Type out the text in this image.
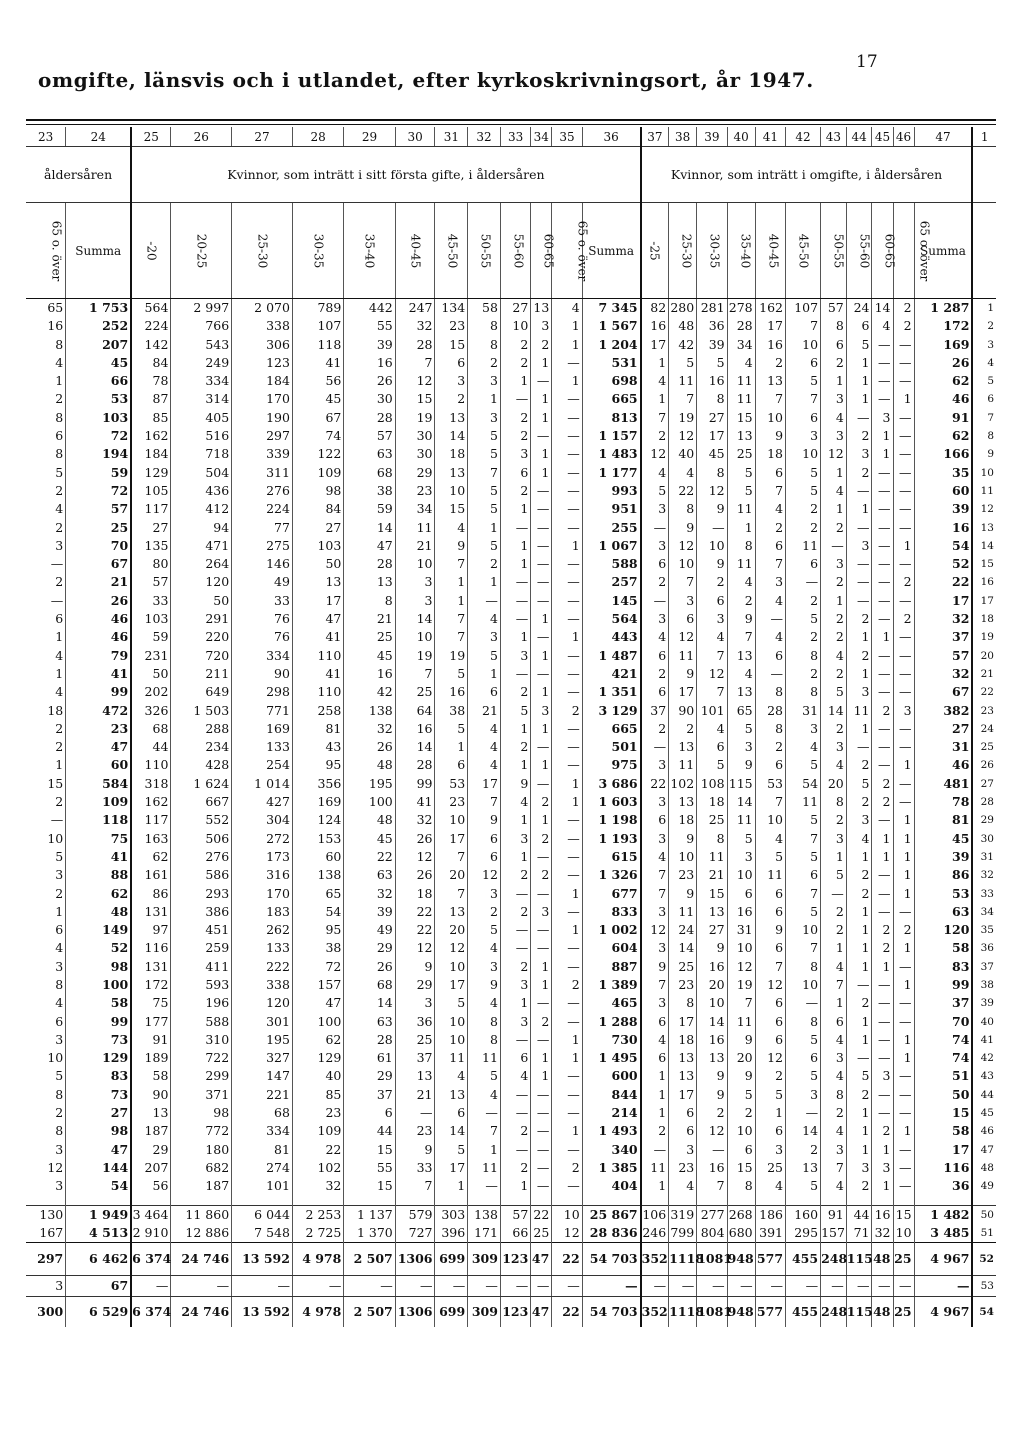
17
omgifte, länsvis och i utlandet, efter kyrkoskrivningsort, år 1947.
23	24	25	26	27	28	29	30	31	32	33	34	35	36	37	38	39	40	41	42	43	44	45	46	47	1
åldersåren		Kvinnor, som inträtt i sitt första gifte, i åldersåren												Kvinnor, som inträtt i omgifte, i åldersåren											
65 o. över	Summa	-20	20-25	25-30	30-35	35-40	40-45	45-50	50-55	55-60	60-65	65 o. över	Summa	-25	25-30	30-35	35-40	40-45	45-50	50-55	55-60	60-65	65 o. över	Summa	
65	1 753	564	2 997	2 070	789	442	247	134	58	27	13	4	7 345	82	280	281	278	162	107	57	24	14	2	1 287	1
16	252	224	766	338	107	55	32	23	8	10	3	1	1 567	16	48	36	28	17	7	8	6	4	2	172	2
8	207	142	543	306	118	39	28	15	8	2	2	1	1 204	17	42	39	34	16	10	6	5	—	—	169	3
4	45	84	249	123	41	16	7	6	2	2	1	—	531	1	5	5	4	2	6	2	1	—	—	26	4
1	66	78	334	184	56	26	12	3	3	1	—	1	698	4	11	16	11	13	5	1	1	—	—	62	5
2	53	87	314	170	45	30	15	2	1	—	1	—	665	1	7	8	11	7	7	3	1	—	1	46	6
8	103	85	405	190	67	28	19	13	3	2	1	—	813	7	19	27	15	10	6	4	—	3	—	91	7
6	72	162	516	297	74	57	30	14	5	2	—	—	1 157	2	12	17	13	9	3	3	2	1	—	62	8
8	194	184	718	339	122	63	30	18	5	3	1	—	1 483	12	40	45	25	18	10	12	3	1	—	166	9
5	59	129	504	311	109	68	29	13	7	6	1	—	1 177	4	4	8	5	6	5	1	2	—	—	35	10
2	72	105	436	276	98	38	23	10	5	2	—	—	993	5	22	12	5	7	5	4	—	—	—	60	11
4	57	117	412	224	84	59	34	15	5	1	—	—	951	3	8	9	11	4	2	1	1	—	—	39	12
2	25	27	94	77	27	14	11	4	1	—	—	—	255	—	9	—	1	2	2	2	—	—	—	16	13
3	70	135	471	275	103	47	21	9	5	1	—	1	1 067	3	12	10	8	6	11	—	3	—	1	54	14
—	67	80	264	146	50	28	10	7	2	1	—	—	588	6	10	9	11	7	6	3	—	—	—	52	15
2	21	57	120	49	13	13	3	1	1	—	—	—	257	2	7	2	4	3	—	2	—	—	2	22	16
—	26	33	50	33	17	8	3	1	—	—	—	—	145	—	3	6	2	4	2	1	—	—	—	17	17
6	46	103	291	76	47	21	14	7	4	—	1	—	564	3	6	3	9	—	5	2	2	—	2	32	18
1	46	59	220	76	41	25	10	7	3	1	—	1	443	4	12	4	7	4	2	2	1	1	—	37	19
4	79	231	720	334	110	45	19	19	5	3	1	—	1 487	6	11	7	13	6	8	4	2	—	—	57	20
1	41	50	211	90	41	16	7	5	1	—	—	—	421	2	9	12	4	—	2	2	1	—	—	32	21
4	99	202	649	298	110	42	25	16	6	2	1	—	1 351	6	17	7	13	8	8	5	3	—	—	67	22
18	472	326	1 503	771	258	138	64	38	21	5	3	2	3 129	37	90	101	65	28	31	14	11	2	3	382	23
2	23	68	288	169	81	32	16	5	4	1	1	—	665	2	2	4	5	8	3	2	1	—	—	27	24
2	47	44	234	133	43	26	14	1	4	2	—	—	501	—	13	6	3	2	4	3	—	—	—	31	25
1	60	110	428	254	95	48	28	6	4	1	1	—	975	3	11	5	9	6	5	4	2	—	1	46	26
15	584	318	1 624	1 014	356	195	99	53	17	9	—	1	3 686	22	102	108	115	53	54	20	5	2	—	481	27
2	109	162	667	427	169	100	41	23	7	4	2	1	1 603	3	13	18	14	7	11	8	2	2	—	78	28
—	118	117	552	304	124	48	32	10	9	1	1	—	1 198	6	18	25	11	10	5	2	3	—	1	81	29
10	75	163	506	272	153	45	26	17	6	3	2	—	1 193	3	9	8	5	4	7	3	4	1	1	45	30
5	41	62	276	173	60	22	12	7	6	1	—	—	615	4	10	11	3	5	5	1	1	1	1	39	31
3	88	161	586	316	138	63	26	20	12	2	2	—	1 326	7	23	21	10	11	6	5	2	—	1	86	32
2	62	86	293	170	65	32	18	7	3	—	—	1	677	7	9	15	6	6	7	—	2	—	1	53	33
1	48	131	386	183	54	39	22	13	2	2	3	—	833	3	11	13	16	6	5	2	1	—	—	63	34
6	149	97	451	262	95	49	22	20	5	—	—	1	1 002	12	24	27	31	9	10	2	1	2	2	120	35
4	52	116	259	133	38	29	12	12	4	—	—	—	604	3	14	9	10	6	7	1	1	2	1	58	36
3	98	131	411	222	72	26	9	10	3	2	1	—	887	9	25	16	12	7	8	4	1	1	—	83	37
8	100	172	593	338	157	68	29	17	9	3	1	2	1 389	7	23	20	19	12	10	7	—	—	1	99	38
4	58	75	196	120	47	14	3	5	4	1	—	—	465	3	8	10	7	6	—	1	2	—	—	37	39
6	99	177	588	301	100	63	36	10	8	3	2	—	1 288	6	17	14	11	6	8	6	1	—	—	70	40
3	73	91	310	195	62	28	25	10	8	—	—	1	730	4	18	16	9	6	5	4	1	—	1	74	41
10	129	189	722	327	129	61	37	11	11	6	1	1	1 495	6	13	13	20	12	6	3	—	—	1	74	42
5	83	58	299	147	40	29	13	4	5	4	1	—	600	1	13	9	9	2	5	4	5	3	—	51	43
8	73	90	371	221	85	37	21	13	4	—	—	—	844	1	17	9	5	5	3	8	2	—	—	50	44
2	27	13	98	68	23	6	—	6	—	—	—	—	214	1	6	2	2	1	—	2	1	—	—	15	45
8	98	187	772	334	109	44	23	14	7	2	—	1	1 493	2	6	12	10	6	14	4	1	2	1	58	46
3	47	29	180	81	22	15	9	5	1	—	—	—	340	—	3	—	6	3	2	3	1	1	—	17	47
12	144	207	682	274	102	55	33	17	11	2	—	2	1 385	11	23	16	15	25	13	7	3	3	—	116	48
3	54	56	187	101	32	15	7	1	—	1	—	—	404	1	4	7	8	4	5	4	2	1	—	36	49

130	1 949	3 464	11 860	6 044	2 253	1 137	579	303	138	57	22	10	25 867	106	319	277	268	186	160	91	44	16	15	1 482	50
167	4 513	2 910	12 886	7 548	2 725	1 370	727	396	171	66	25	12	28 836	246	799	804	680	391	295	157	71	32	10	3 485	51
297	6 462	6 374	24 746	13 592	4 978	2 507	1306	699	309	123	47	22	54 703	352	1118	1081	948	577	455	248	115	48	25	4 967	52
3	67	—	—	—	—	—	—	—	—	—	—	—	—	—	—	—	—	—	—	—	—	—	—	—	53
300	6 529	6 374	24 746	13 592	4 978	2 507	1306	699	309	123	47	22	54 703	352	1118	1081	948	577	455	248	115	48	25	4 967	54
